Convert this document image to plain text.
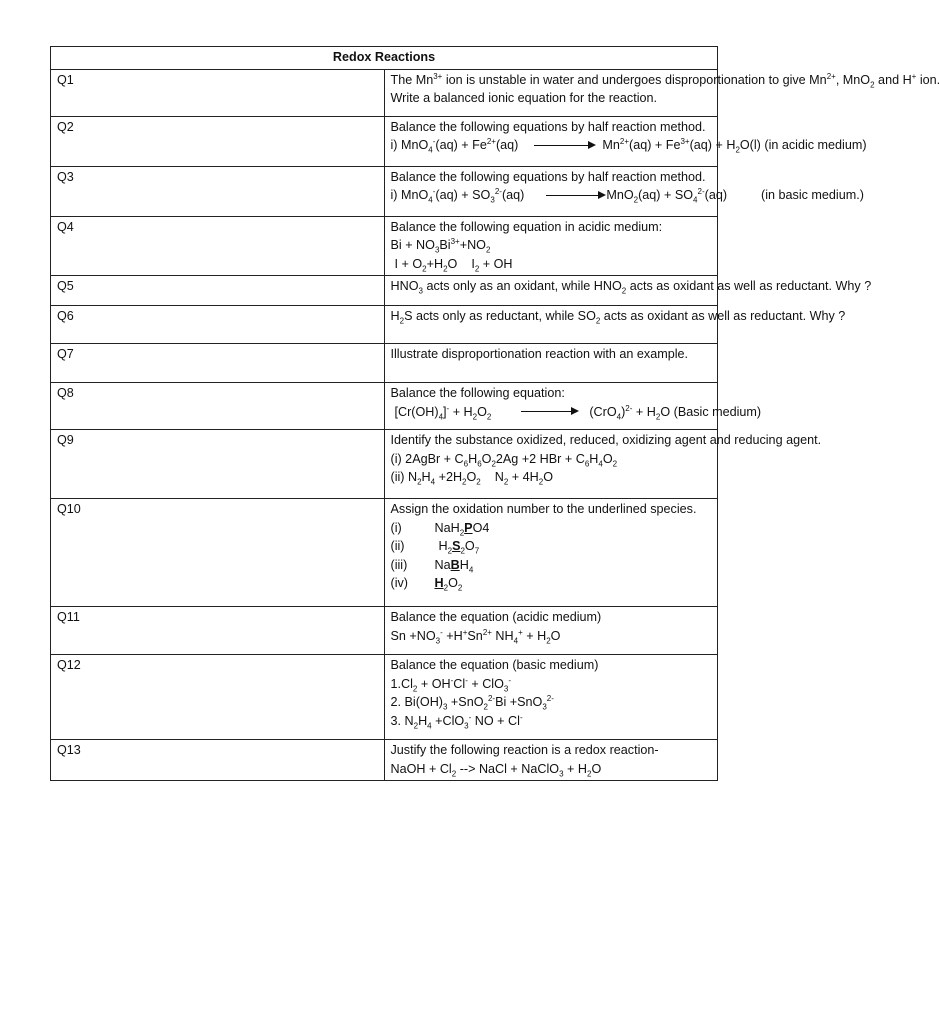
Redox Reactions	
Q1	The $Mn^{3+}$ ion is unstable in water and undergoes disproportionation to give $Mn^{2+}$, MnO$_2$ and H+ ion.
Write a balanced ionic equation for the reaction.

Q2	Balance the following equations by half reaction method.
i) $MnO_4^-(aq) + Fe^{2+}(aq) Mn^{2+}(aq) + Fe^{3+}(aq) + H_2O(l)$ (in acidic medium)

Q3	Balance the following equations by half reaction method.
i) $MnO_4^-(aq) + SO_3^{2-}(aq) MnO_2(aq) + SO_4^{2-}(aq)$ (in basic medium.)

Q4	Balance the following equation in acidic medium:
$Bi + NO_3Bi^{3+}+NO_2$
$I + O_2+H_2O$ $I_2$ + OH

Q5	$HNO_3$ acts only as an oxidant, while $HNO_2$ acts as oxidant as well as reductant. Why ?

Q6	$H_2S$ acts only as reductant, while $SO_2$ acts as oxidant as well as reductant. Why ?

Q7	Illustrate disproportionation reaction with an example.

Q8	Balance the following equation:
$[Cr(OH)_4]^- + H_2O_2$ $(CrO_4)^{2-} + H_2O$ (Basic medium)

Q9	Identify the substance oxidized, reduced, oxidizing agent and reducing agent.
(i) 2AgBr + $C_6H_6O_22Ag +2$ HBr + $C_6H_4O_2$
(ii) $N_2H_4 +2H_2O_2$ $N_2 + 4H_2O$

Q10	Assign the oxidation number to the underlined species.
(i) NaH$_2$PO4
(ii) $H_2S_2O_7$
(iii) NaBH$_4$
(iv) $H_2O_2$

Q11	Balance the equation (acidic medium)
$Sn +NO_3^- +H^+Sn^{2+}$ $NH_4^+ + H_2O$

Q12	Balance the equation (basic medium)
$1.Cl_2 + OH^-Cl^- + ClO_3^-$
2. $Bi(OH)_3 +SnO_2^{2-}Bi +SnO_3^{2-}$
3. $N_2H_4 +ClO_3^-$ NO + Cl-

Q13	Justify the following reaction is a redox reaction-
NaOH + $Cl_2$ --> NaCl + NaClO$_3$ + $H_2O$
